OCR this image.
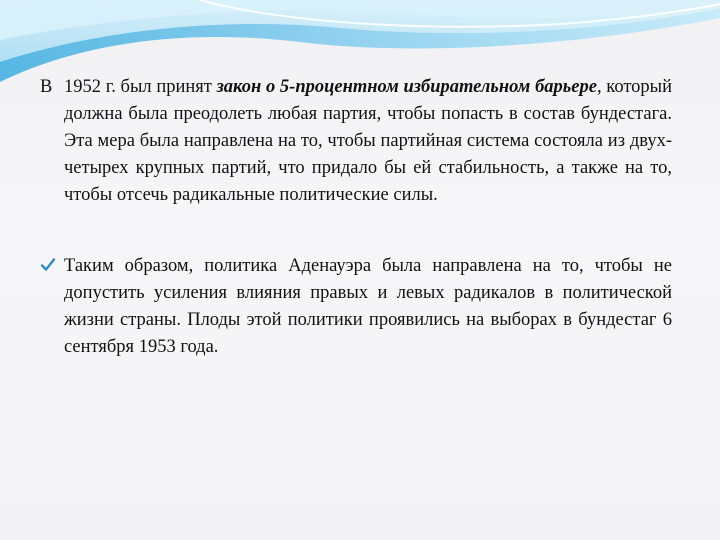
В 1952 г. был принят закон о 5-процентном избирательном барьере, который должна была преодолеть любая партия, чтобы попасть в состав бундестага. Эта мера была направлена на то, чтобы партийная система состояла из двух-четырех крупных партий, что придало бы ей стабильность, а также на то, чтобы отсечь радикальные политические силы.

Таким образом, политика Аденауэра была направлена на то, чтобы не допустить усиления влияния правых и левых радикалов в политической жизни страны. Плоды этой политики проявились на выборах в бундестаг 6 сентября 1953 года.
